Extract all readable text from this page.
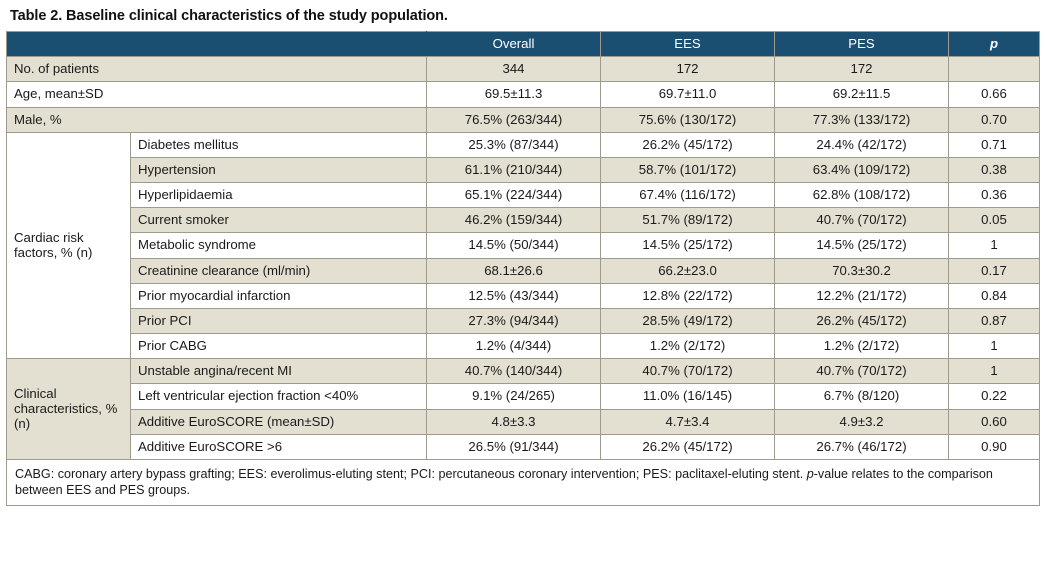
Table 2. Baseline clinical characteristics of the study population.
		Overall	EES	PES	p
No. of patients		344	172	172	
Age, mean±SD		69.5±11.3	69.7±11.0	69.2±11.5	0.66
Male, %		76.5% (263/344)	75.6% (130/172)	77.3% (133/172)	0.70

Cardiac risk factors, % (n)	Diabetes mellitus	25.3% (87/344)	26.2% (45/172)	24.4% (42/172)	0.71
	Hypertension	61.1% (210/344)	58.7% (101/172)	63.4% (109/172)	0.38
	Hyperlipidaemia	65.1% (224/344)	67.4% (116/172)	62.8% (108/172)	0.36
	Current smoker	46.2% (159/344)	51.7% (89/172)	40.7% (70/172)	0.05
	Metabolic syndrome	14.5% (50/344)	14.5% (25/172)	14.5% (25/172)	1
	Creatinine clearance (ml/min)	68.1±26.6	66.2±23.0	70.3±30.2	0.17
	Prior myocardial infarction	12.5% (43/344)	12.8% (22/172)	12.2% (21/172)	0.84
	Prior PCI	27.3% (94/344)	28.5% (49/172)	26.2% (45/172)	0.87
	Prior CABG	1.2% (4/344)	1.2% (2/172)	1.2% (2/172)	1

Clinical characteristics, % (n)	Unstable angina/recent MI	40.7% (140/344)	40.7% (70/172)	40.7% (70/172)	1
	Left ventricular ejection fraction <40%	9.1% (24/265)	11.0% (16/145)	6.7% (8/120)	0.22
	Additive EuroSCORE (mean±SD)	4.8±3.3	4.7±3.4	4.9±3.2	0.60
	Additive EuroSCORE >6	26.5% (91/344)	26.2% (45/172)	26.7% (46/172)	0.90
CABG: coronary artery bypass grafting; EES: everolimus-eluting stent; PCI: percutaneous coronary intervention; PES: paclitaxel-eluting stent. p-value relates to the comparison between EES and PES groups.					
